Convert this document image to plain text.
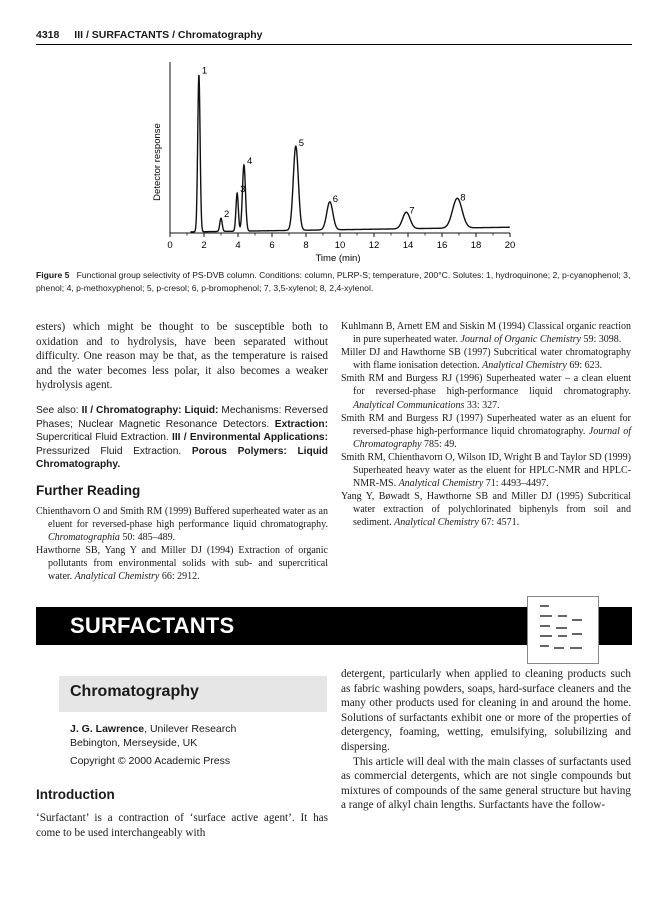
4318 III / SURFACTANTS / Chromatography
0	2	4	6	8	10 12 14 16 18 20
1
2
3
4
5
6
7
8
Detector response
Time (min)
Figure 5 Functional group selectivity of PS-DVB column. Conditions: column, PLRP-S; temperature, 200°C. Solutes: 1, hydroquinone; 2, p-cyanophenol; 3, phenol; 4, p-methoxyphenol; 5, p-cresol; 6, p-bromophenol; 7, 3,5-xylenol; 8, 2,4-xylenol.

esters) which might be thought to be susceptible both to oxidation and to hydrolysis, have been separated without difficulty. One reason may be that, as the temperature is raised and the water becomes less polar, it also becomes a weaker hydrolysis agent.

See also: II / Chromatography: Liquid: Mechanisms: Reversed Phases; Nuclear Magnetic Resonance Detectors. Extraction: Supercritical Fluid Extraction. III / Environmental Applications: Pressurized Fluid Extraction. Porous Polymers: Liquid Chromatography.

Further Reading

Chienthavorn O and Smith RM (1999) Buffered superheated water as an eluent for reversed-phase high performance liquid chromatography. Chromatographia 50: 485–489.

Hawthorne SB, Yang Y and Miller DJ (1994) Extraction of organic pollutants from environmental solids with sub- and supercritical water. Analytical Chemistry 66: 2912.

Kuhlmann B, Arnett EM and Siskin M (1994) Classical organic reaction in pure superheated water. Journal of Organic Chemistry 59: 3098.

Miller DJ and Hawthorne SB (1997) Subcritical water chromatography with flame ionisation detection. Analytical Chemistry 69: 623.

Smith RM and Burgess RJ (1996) Superheated water – a clean eluent for reversed-phase high-performance liquid chromatography. Analytical Communications 33: 327.

Smith RM and Burgess RJ (1997) Superheated water as an eluent for reversed-phase high-performance liquid chromatography. Journal of Chromatography 785: 49.

Smith RM, Chienthavorn O, Wilson ID, Wright B and Taylor SD (1999) Superheated heavy water as the eluent for HPLC-NMR and HPLC-NMR-MS. Analytical Chemistry 71: 4493–4497.

Yang Y, Bøwadt S, Hawthorne SB and Miller DJ (1995) Subcritical water extraction of polychlorinated biphenyls from soil and sediment. Analytical Chemistry 67: 4571.

SURFACTANTS
Chromatography
J. G. Lawrence, Unilever Research
Bebington, Merseyside, UK
Copyright © 2000 Academic Press
Introduction
‘Surfactant’ is a contraction of ‘surface active agent’. It has come to be used interchangeably with

detergent, particularly when applied to cleaning products such as fabric washing powders, soaps, hard-surface cleaners and the many other products used for cleaning in and around the home. Solutions of surfactants exhibit one or more of the properties of detergency, foaming, wetting, emulsifying, solubilizing and dispersing.

This article will deal with the main classes of surfactants used as commercial detergents, which are not single compounds but mixtures of compounds of the same general structure but having a range of alkyl chain lengths. Surfactants have the follow-
